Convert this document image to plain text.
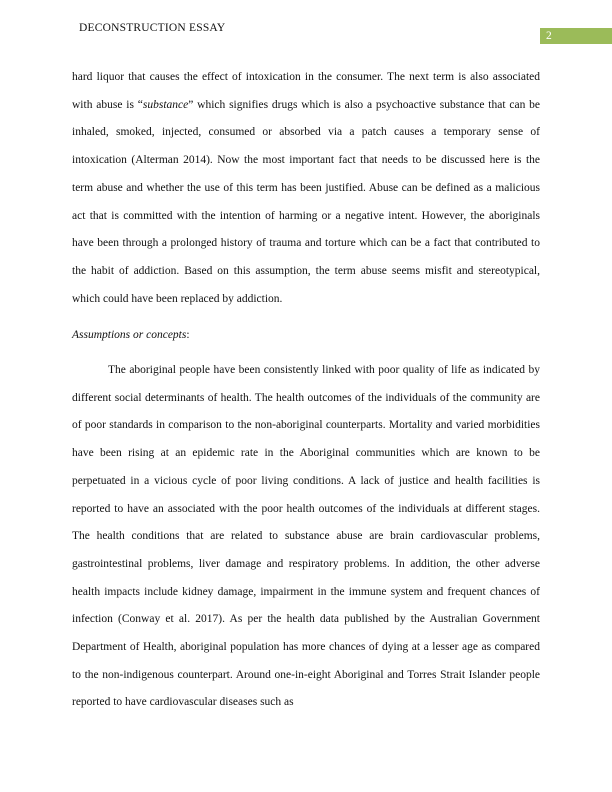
DECONSTRUCTION ESSAY
2

hard liquor that causes the effect of intoxication in the consumer. The next term is also associated with abuse is “substance” which signifies drugs which is also a psychoactive substance that can be inhaled, smoked, injected, consumed or absorbed via a patch causes a temporary sense of intoxication (Alterman 2014). Now the most important fact that needs to be discussed here is the term abuse and whether the use of this term has been justified. Abuse can be defined as a malicious act that is committed with the intention of harming or a negative intent. However, the aboriginals have been through a prolonged history of trauma and torture which can be a fact that contributed to the habit of addiction. Based on this assumption, the term abuse seems misfit and stereotypical, which could have been replaced by addiction.

Assumptions or concepts:

The aboriginal people have been consistently linked with poor quality of life as indicated by different social determinants of health. The health outcomes of the individuals of the community are of poor standards in comparison to the non-aboriginal counterparts. Mortality and varied morbidities have been rising at an epidemic rate in the Aboriginal communities which are known to be perpetuated in a vicious cycle of poor living conditions. A lack of justice and health facilities is reported to have an associated with the poor health outcomes of the individuals at different stages. The health conditions that are related to substance abuse are brain cardiovascular problems, gastrointestinal problems, liver damage and respiratory problems. In addition, the other adverse health impacts include kidney damage, impairment in the immune system and frequent chances of infection (Conway et al. 2017). As per the health data published by the Australian Government Department of Health, aboriginal population has more chances of dying at a lesser age as compared to the non-indigenous counterpart. Around one-in-eight Aboriginal and Torres Strait Islander people reported to have cardiovascular diseases such as
